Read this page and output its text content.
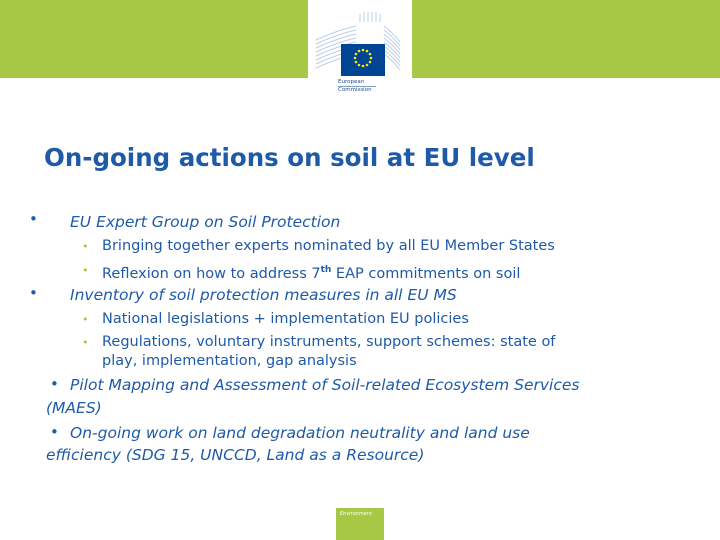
European
Commission
On-going actions on soil at EU level
• EU Expert Group on Soil Protection
• Bringing together experts nominated by all EU Member States
• Reflexion on how to address 7th EAP commitments on soil
• Inventory of soil protection measures in all EU MS
• National legislations + implementation EU policies
• Regulations, voluntary instruments, support schemes: state of
play, implementation, gap analysis
• Pilot Mapping and Assessment of Soil-related Ecosystem Services
(MAES)
• On-going work on land degradation neutrality and land use
efficiency (SDG 15, UNCCD, Land as a Resource)
Environment
